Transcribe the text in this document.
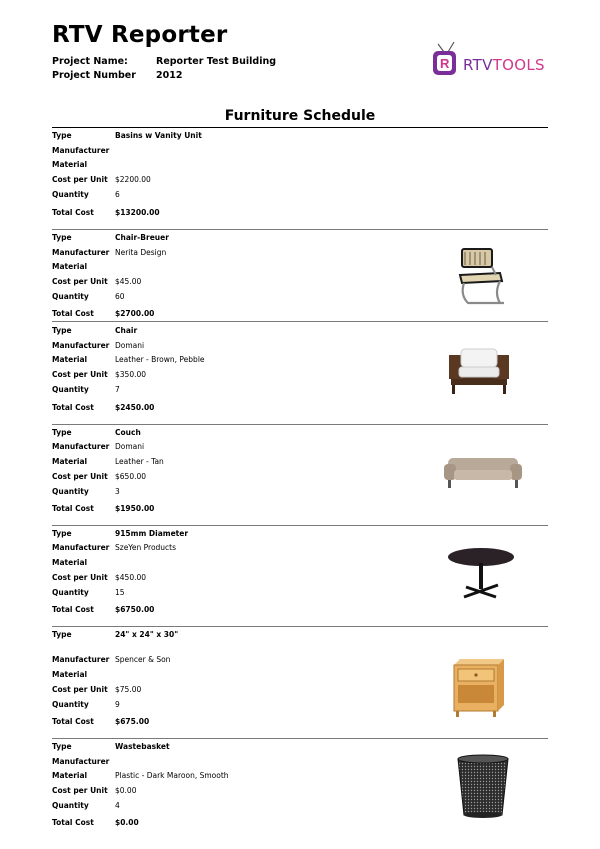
RTV Reporter
Project Name:	Reporter Test Building
Project Number 2012
R RTVTOOLS
Furniture Schedule
Type	Basins w Vanity Unit
Manufacturer
Material
Cost per Unit $2200.00
Quantity	6
Total Cost	$13200.00
Type	Chair-Breuer
Manufacturer Nerita Design
Material
Cost per Unit $45.00
Quantity	60
Total Cost	$2700.00
Type	Chair
Manufacturer Domani
Material	Leather - Brown, Pebble
Cost per Unit $350.00
Quantity	7
Total Cost	$2450.00
Type	Couch
Manufacturer Domani
Material	Leather - Tan
Cost per Unit $650.00
Quantity	3
Total Cost	$1950.00
Type	915mm Diameter
Manufacturer SzeYen Products
Material
Cost per Unit $450.00
Quantity	15
Total Cost	$6750.00
Type	24" x 24" x 30"
Manufacturer Spencer & Son
Material
Cost per Unit $75.00
Quantity	9
Total Cost	$675.00
Type	Wastebasket
Manufacturer
Material	Plastic - Dark Maroon, Smooth
Cost per Unit $0.00
Quantity	4
Total Cost	$0.00
